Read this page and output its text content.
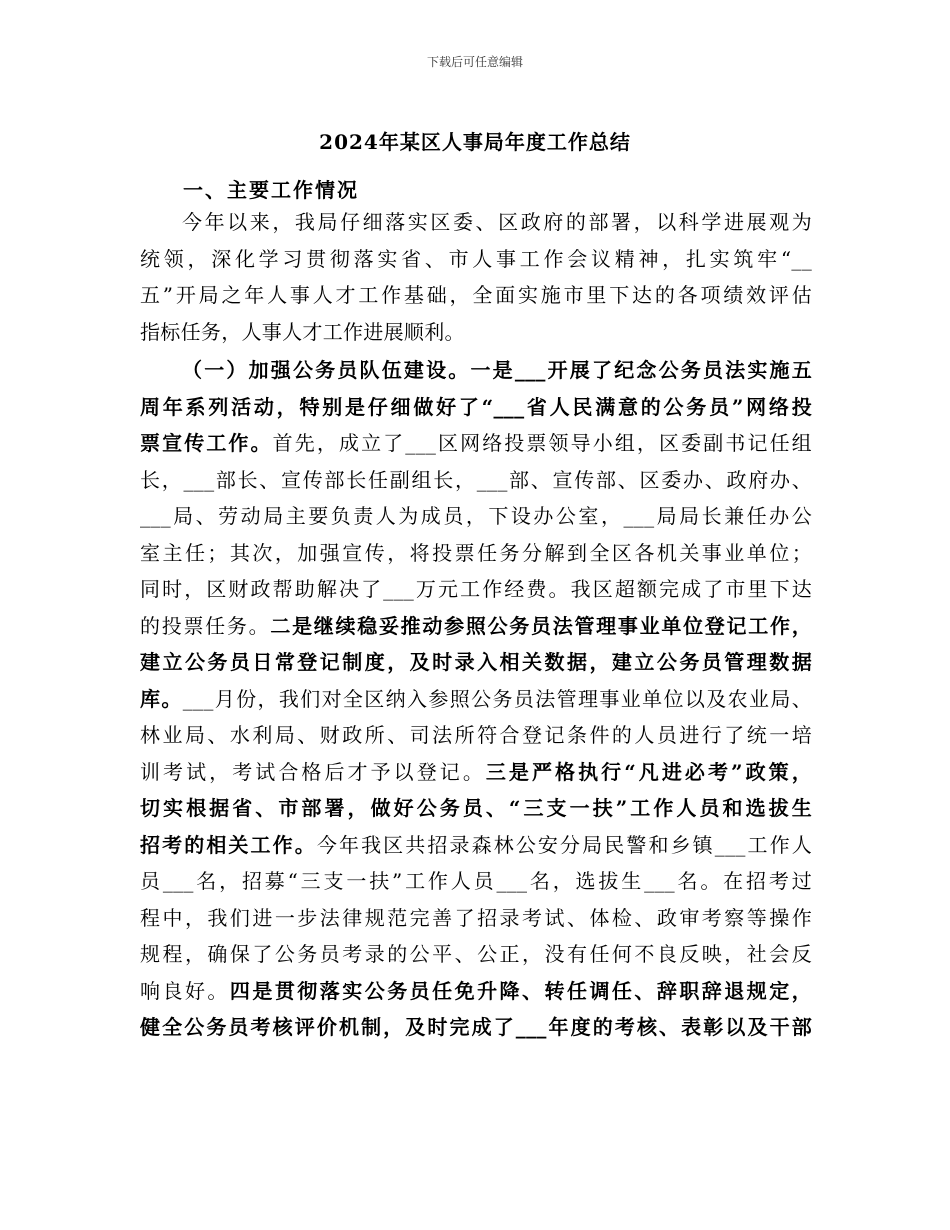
下载后可任意编辑
2024年某区人事局年度工作总结
一、主要工作情况
今年以来，我局仔细落实区委、区政府的部署，以科学进展观为
统领，深化学习贯彻落实省、市人事工作会议精神，扎实筑牢“__
五”开局之年人事人才工作基础，全面实施市里下达的各项绩效评估
指标任务，人事人才工作进展顺利。
（一）加强公务员队伍建设。一是___开展了纪念公务员法实施五
周年系列活动，特别是仔细做好了“___省人民满意的公务员”网络投
票宣传工作。首先，成立了___区网络投票领导小组，区委副书记任组
长，___部长、宣传部长任副组长，___部、宣传部、区委办、政府办、
___局、劳动局主要负责人为成员，下设办公室，___局局长兼任办公
室主任；其次，加强宣传，将投票任务分解到全区各机关事业单位；
同时，区财政帮助解决了___万元工作经费。我区超额完成了市里下达
的投票任务。二是继续稳妥推动参照公务员法管理事业单位登记工作，
建立公务员日常登记制度，及时录入相关数据，建立公务员管理数据
库。___月份，我们对全区纳入参照公务员法管理事业单位以及农业局、
林业局、水利局、财政所、司法所符合登记条件的人员进行了统一培
训考试，考试合格后才予以登记。三是严格执行“凡进必考”政策，
切实根据省、市部署，做好公务员、“三支一扶”工作人员和选拔生
招考的相关工作。今年我区共招录森林公安分局民警和乡镇___工作人
员___名，招募“三支一扶”工作人员___名，选拔生___名。在招考过
程中，我们进一步法律规范完善了招录考试、体检、政审考察等操作
规程，确保了公务员考录的公平、公正，没有任何不良反映，社会反
响良好。四是贯彻落实公务员任免升降、转任调任、辞职辞退规定，
健全公务员考核评价机制，及时完成了___年度的考核、表彰以及干部
